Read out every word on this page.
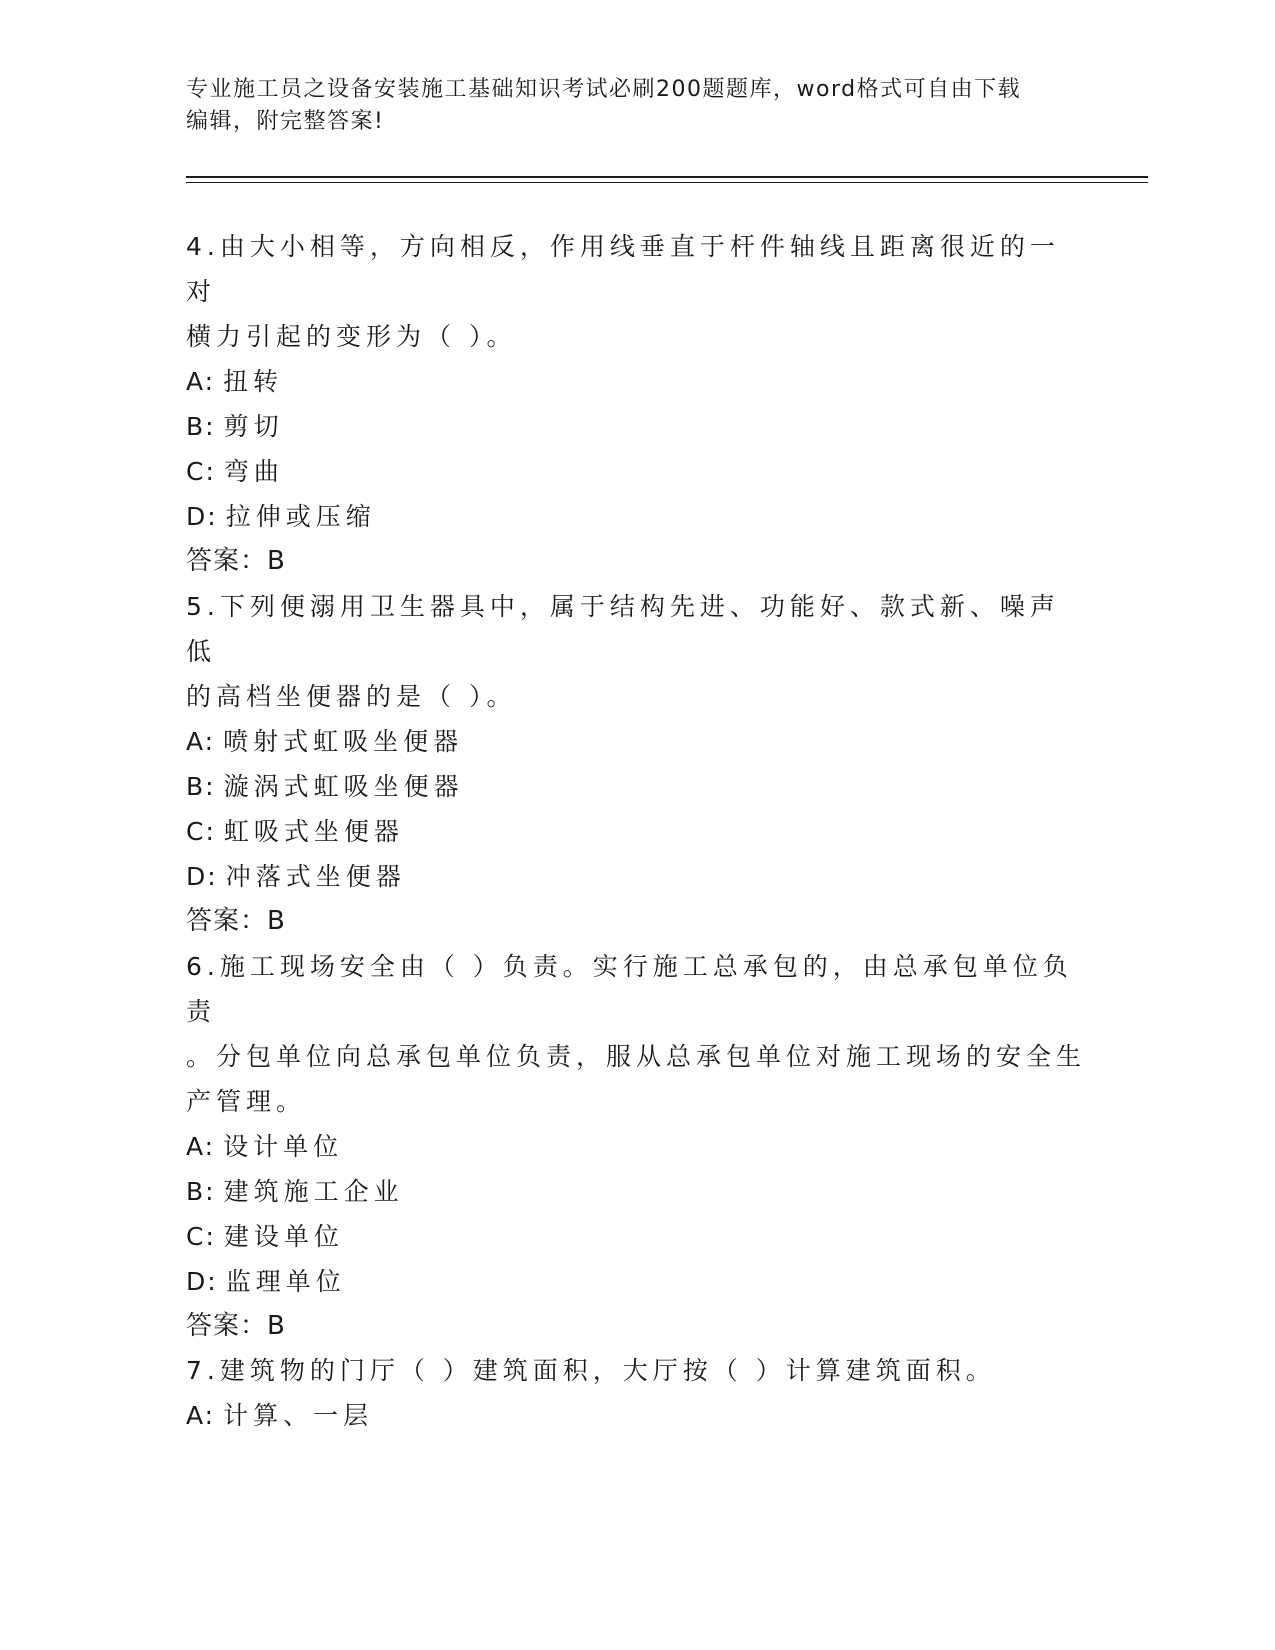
专业施工员之设备安装施工基础知识考试必刷200题题库，word格式可自由下载
编辑，附完整答案!

4.由大小相等，方向相反，作用线垂直于杆件轴线且距离很近的一对

横力引起的变形为（ ）。

A: 扭转

B: 剪切

C: 弯曲

D: 拉伸或压缩

答案：B

5.下列便溺用卫生器具中，属于结构先进、功能好、款式新、噪声低

的高档坐便器的是（ ）。

A: 喷射式虹吸坐便器

B: 漩涡式虹吸坐便器

C: 虹吸式坐便器

D: 冲落式坐便器

答案：B

6.施工现场安全由（ ）负责。实行施工总承包的，由总承包单位负责

。分包单位向总承包单位负责，服从总承包单位对施工现场的安全生

产管理。

A: 设计单位

B: 建筑施工企业

C: 建设单位

D: 监理单位

答案：B

7.建筑物的门厅（ ）建筑面积，大厅按（ ）计算建筑面积。

A: 计算、一层
